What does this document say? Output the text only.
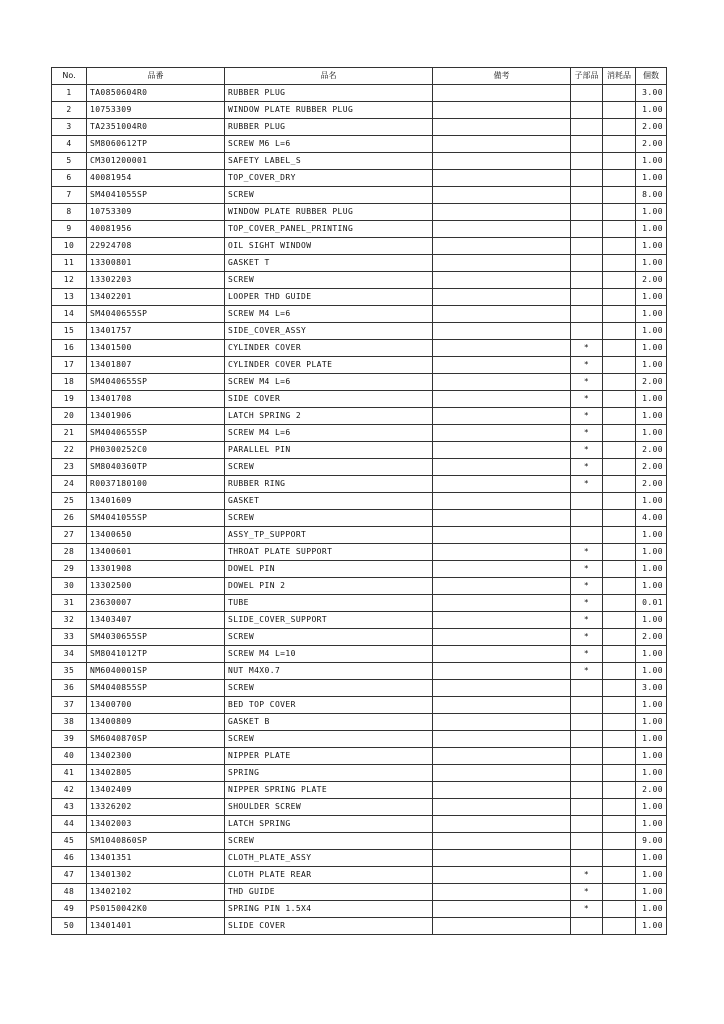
No.	品番	品名	備考	子部品	消耗品	個数
1	TA0850604R0	RUBBER PLUG				3.00
2	10753309	WINDOW PLATE RUBBER PLUG				1.00
3	TA2351004R0	RUBBER PLUG				2.00
4	SM8060612TP	SCREW M6 L=6				2.00
5	CM301200001	SAFETY LABEL_S				1.00
6	40081954	TOP_COVER_DRY				1.00
7	SM4041055SP	SCREW				8.00
8	10753309	WINDOW PLATE RUBBER PLUG				1.00
9	40081956	TOP_COVER_PANEL_PRINTING				1.00
10	22924708	OIL SIGHT WINDOW				1.00
11	13300801	GASKET T				1.00
12	13302203	SCREW				2.00
13	13402201	LOOPER THD GUIDE				1.00
14	SM4040655SP	SCREW M4 L=6				1.00
15	13401757	SIDE_COVER_ASSY				1.00
16	13401500	CYLINDER COVER		*		1.00
17	13401807	CYLINDER COVER PLATE		*		1.00
18	SM4040655SP	SCREW M4 L=6		*		2.00
19	13401708	SIDE COVER		*		1.00
20	13401906	LATCH SPRING 2		*		1.00
21	SM4040655SP	SCREW M4 L=6		*		1.00
22	PH0300252C0	PARALLEL PIN		*		2.00
23	SM8040360TP	SCREW		*		2.00
24	R0037180100	RUBBER RING		*		2.00
25	13401609	GASKET				1.00
26	SM4041055SP	SCREW				4.00
27	13400650	ASSY_TP_SUPPORT				1.00
28	13400601	THROAT PLATE SUPPORT		*		1.00
29	13301908	DOWEL PIN		*		1.00
30	13302500	DOWEL PIN 2		*		1.00
31	23630007	TUBE		*		0.01
32	13403407	SLIDE_COVER_SUPPORT		*		1.00
33	SM4030655SP	SCREW		*		2.00
34	SM8041012TP	SCREW M4 L=10		*		1.00
35	NM6040001SP	NUT M4X0.7		*		1.00
36	SM4040855SP	SCREW				3.00
37	13400700	BED TOP COVER				1.00
38	13400809	GASKET B				1.00
39	SM6040870SP	SCREW				1.00
40	13402300	NIPPER PLATE				1.00
41	13402805	SPRING				1.00
42	13402409	NIPPER SPRING PLATE				2.00
43	13326202	SHOULDER SCREW				1.00
44	13402003	LATCH SPRING				1.00
45	SM1040860SP	SCREW				9.00
46	13401351	CLOTH_PLATE_ASSY				1.00
47	13401302	CLOTH PLATE REAR		*		1.00
48	13402102	THD GUIDE		*		1.00
49	PS0150042K0	SPRING PIN 1.5X4		*		1.00
50	13401401	SLIDE COVER				1.00
